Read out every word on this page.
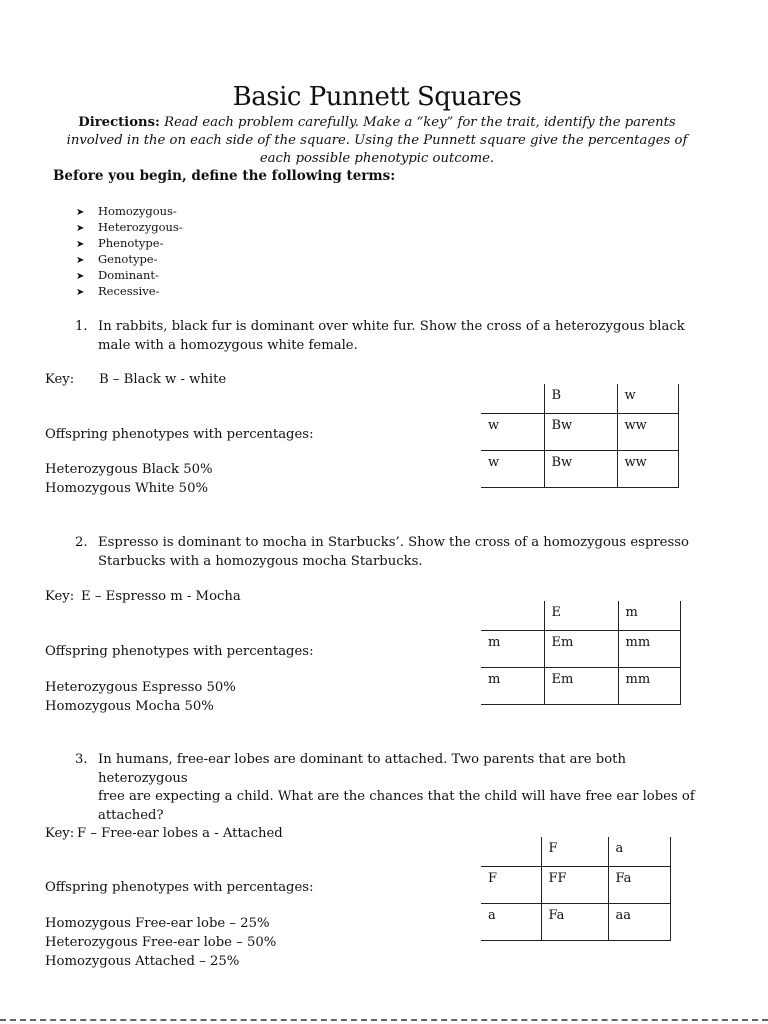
Basic Punnett Squares
Directions: Read each problem carefully. Make a “key” for the trait, identify the parents involved in the on each side of the square. Using the Punnett square give the percentages of each possible phenotypic outcome.
Before you begin, define the following terms:
➤ Homozygous-
➤ Heterozygous-
➤ Phenotype-
➤ Genotype-
➤ Dominant-
➤ Recessive-
1. In rabbits, black fur is dominant over white fur. Show the cross of a heterozygous black
male with a homozygous white female.
Key: B – Black w - white
Offspring phenotypes with percentages:
Heterozygous Black 50%
Homozygous White 50%
	B	w
w	Bw	ww
w	Bw	ww
2. Espresso is dominant to mocha in Starbucks’. Show the cross of a homozygous espresso
Starbucks with a homozygous mocha Starbucks.
Key: E – Espresso m - Mocha
Offspring phenotypes with percentages:
Heterozygous Espresso 50%
Homozygous Mocha 50%
	E	m
m	Em	mm
m	Em	mm
3. In humans, free-ear lobes are dominant to attached. Two parents that are both heterozygous
free are expecting a child. What are the chances that the child will have free ear lobes of
attached?
Key: F – Free-ear lobes a - Attached
Offspring phenotypes with percentages:
Homozygous Free-ear lobe – 25%
Heterozygous Free-ear lobe – 50%
Homozygous Attached – 25%
	F	a
F	FF	Fa
a	Fa	aa
